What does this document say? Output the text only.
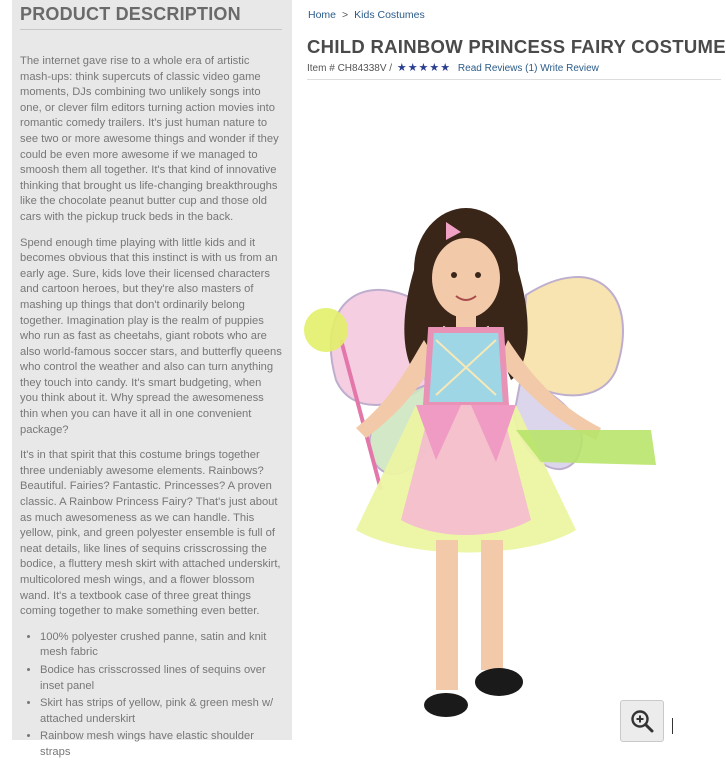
PRODUCT DESCRIPTION

The internet gave rise to a whole era of artistic mash-ups: think supercuts of classic video game moments, DJs combining two unlikely songs into one, or clever film editors turning action movies into romantic comedy trailers. It's just human nature to see two or more awesome things and wonder if they could be even more awesome if we managed to smoosh them all together. It's that kind of innovative thinking that brought us life-changing breakthroughs like the chocolate peanut butter cup and those old cars with the pickup truck beds in the back.

Spend enough time playing with little kids and it becomes obvious that this instinct is with us from an early age. Sure, kids love their licensed characters and cartoon heroes, but they're also masters of mashing up things that don't ordinarily belong together. Imagination play is the realm of puppies who run as fast as cheetahs, giant robots who are also world-famous soccer stars, and butterfly queens who control the weather and also can turn anything they touch into candy. It's smart budgeting, when you think about it. Why spread the awesomeness thin when you can have it all in one convenient package?

It's in that spirit that this costume brings together three undeniably awesome elements. Rainbows? Beautiful. Fairies? Fantastic. Princesses? A proven classic. A Rainbow Princess Fairy? That's just about as much awesomeness as we can handle. This yellow, pink, and green polyester ensemble is full of neat details, like lines of sequins crisscrossing the bodice, a fluttery mesh skirt with attached underskirt, multicolored mesh wings, and a flower blossom wand. It's a textbook case of three great things coming together to make something even better.

• 100% polyester crushed panne, satin and knit mesh fabric
• Bodice has crisscrossed lines of sequins over inset panel
• Skirt has strips of yellow, pink & green mesh w/ attached underskirt
• Rainbow mesh wings have elastic shoulder straps
Home > Kids Costumes
CHILD RAINBOW PRINCESS FAIRY COSTUME
Item # CH84338V / ★★★★★ Read Reviews (1) Write Review
